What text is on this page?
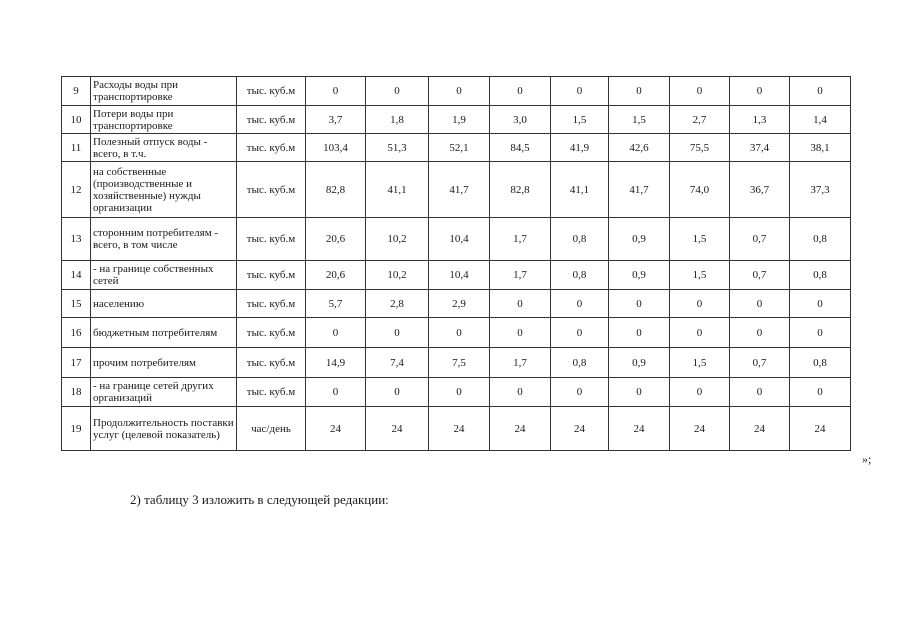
9	Расходы воды при транспортировке	тыс. куб.м	0	0	0	0	0	0	0	0	0
10	Потери воды при транспортировке	тыс. куб.м	3,7	1,8	1,9	3,0	1,5	1,5	2,7	1,3	1,4
11	Полезный отпуск воды - всего, в т.ч.	тыс. куб.м	103,4	51,3	52,1	84,5	41,9	42,6	75,5	37,4	38,1
12	на собственные (производственные и хозяйственные) нужды организации	тыс. куб.м	82,8	41,1	41,7	82,8	41,1	41,7	74,0	36,7	37,3
13	сторонним потребителям - всего, в том числе	тыс. куб.м	20,6	10,2	10,4	1,7	0,8	0,9	1,5	0,7	0,8
14	- на границе собственных сетей	тыс. куб.м	20,6	10,2	10,4	1,7	0,8	0,9	1,5	0,7	0,8
15	населению	тыс. куб.м	5,7	2,8	2,9	0	0	0	0	0	0
16	бюджетным потребителям	тыс. куб.м	0	0	0	0	0	0	0	0	0
17	прочим потребителям	тыс. куб.м	14,9	7,4	7,5	1,7	0,8	0,9	1,5	0,7	0,8
18	- на границе сетей других организаций	тыс. куб.м	0	0	0	0	0	0	0	0	0
19	Продолжительность поставки услуг (целевой показатель)	час/день	24	24	24	24	24	24	24	24	24
»;
2) таблицу 3 изложить в следующей редакции:
